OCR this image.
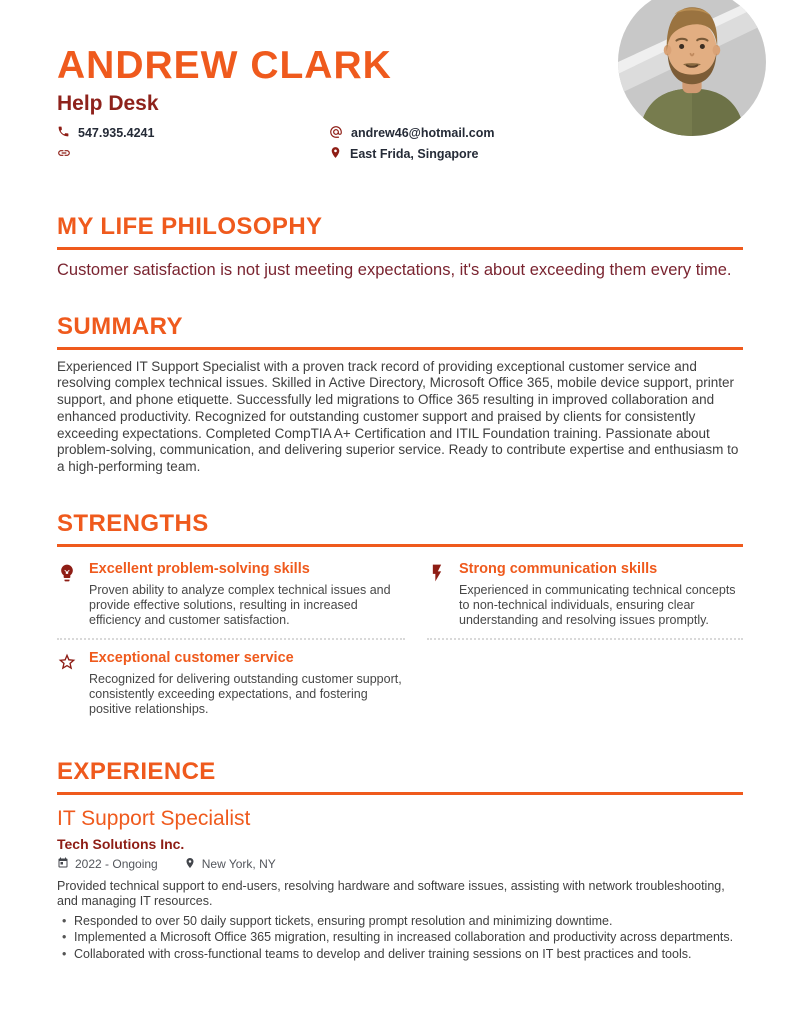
ANDREW CLARK
Help Desk
547.935.4241	andrew46@hotmail.com
East Frida, Singapore
MY LIFE PHILOSOPHY
Customer satisfaction is not just meeting expectations, it's about exceeding them every time.
SUMMARY
Experienced IT Support Specialist with a proven track record of providing exceptional customer service and resolving complex technical issues. Skilled in Active Directory, Microsoft Office 365, mobile device support, printer support, and phone etiquette. Successfully led migrations to Office 365 resulting in improved collaboration and enhanced productivity. Recognized for outstanding customer support and praised by clients for consistently exceeding expectations. Completed CompTIA A+ Certification and ITIL Foundation training. Passionate about problem-solving, communication, and delivering superior service. Ready to contribute expertise and enthusiasm to a high-performing team.
STRENGTHS
Excellent problem-solving skills
Proven ability to analyze complex technical issues and provide effective solutions, resulting in increased efficiency and customer satisfaction.
Exceptional customer service
Recognized for delivering outstanding customer support, consistently exceeding expectations, and fostering positive relationships.
Strong communication skills
Experienced in communicating technical concepts to non-technical individuals, ensuring clear understanding and resolving issues promptly.
EXPERIENCE
IT Support Specialist
Tech Solutions Inc.
2022 - Ongoing	New York, NY
Provided technical support to end-users, resolving hardware and software issues, assisting with network troubleshooting, and managing IT resources.
• Responded to over 50 daily support tickets, ensuring prompt resolution and minimizing downtime.
• Implemented a Microsoft Office 365 migration, resulting in increased collaboration and productivity across departments.
• Collaborated with cross-functional teams to develop and deliver training sessions on IT best practices and tools.
